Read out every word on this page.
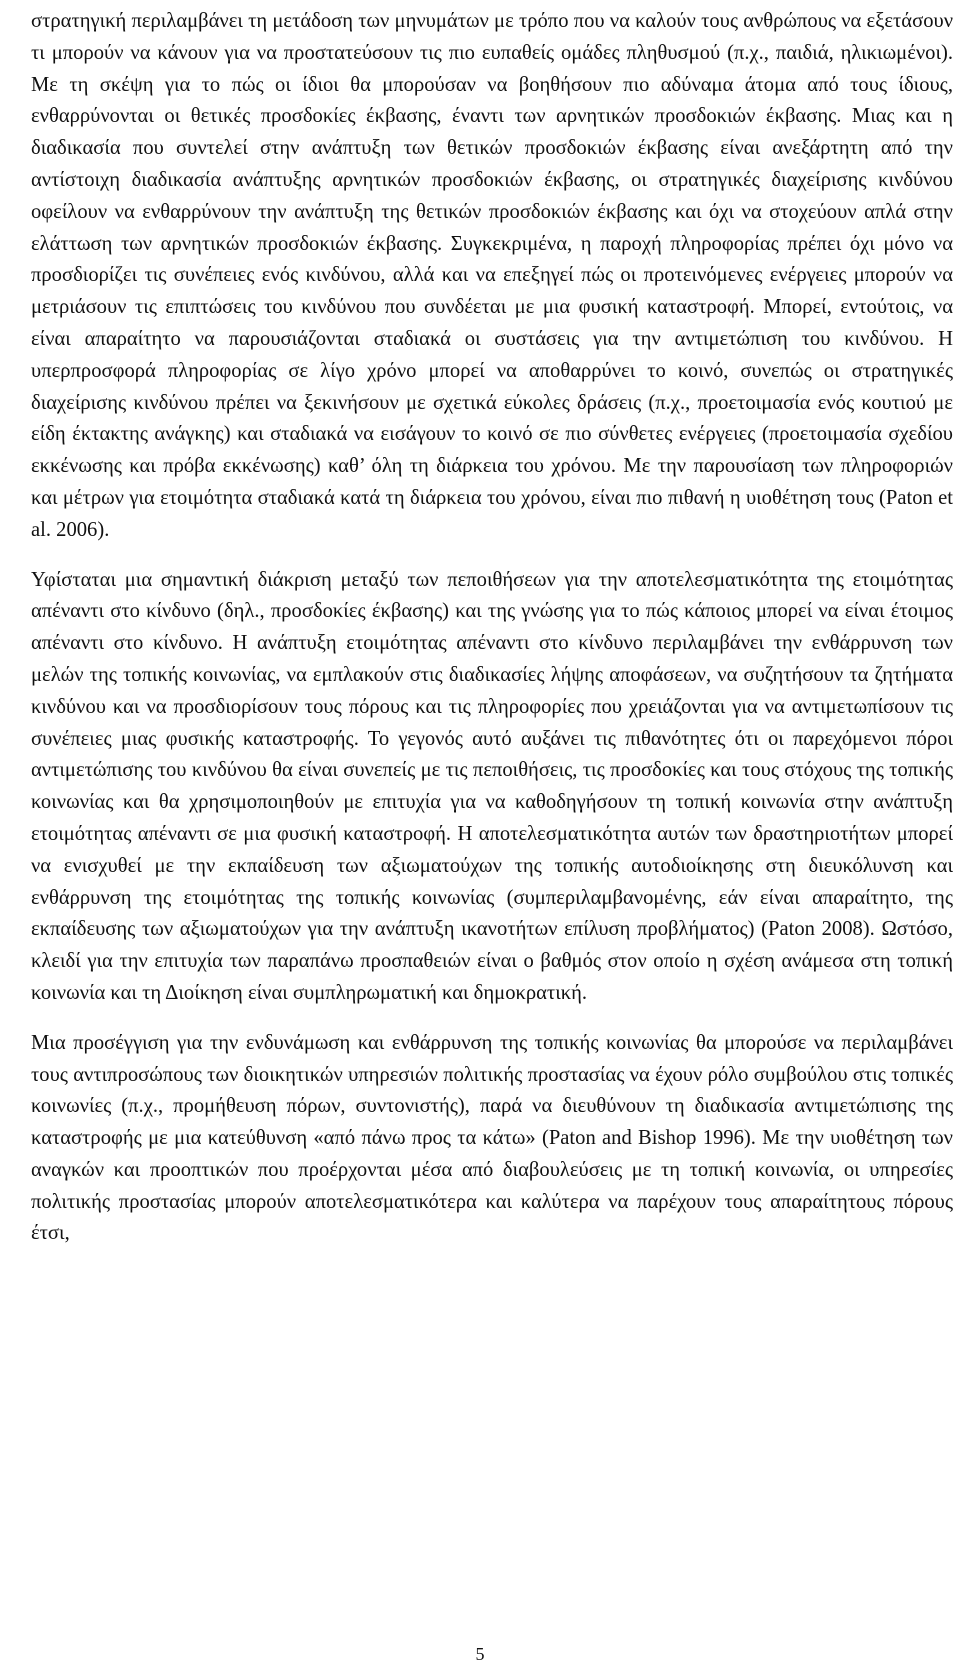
στρατηγική περιλαμβάνει τη μετάδοση των μηνυμάτων με τρόπο που να καλούν τους ανθρώπους να εξετάσουν τι μπορούν να κάνουν για να προστατεύσουν τις πιο ευπαθείς ομάδες πληθυσμού (π.χ., παιδιά, ηλικιωμένοι). Με τη σκέψη για το πώς οι ίδιοι θα μπορούσαν να βοηθήσουν πιο αδύναμα άτομα από τους ίδιους, ενθαρρύνονται οι θετικές προσδοκίες έκβασης, έναντι των αρνητικών προσδοκιών έκβασης. Μιας και η διαδικασία που συντελεί στην ανάπτυξη των θετικών προσδοκιών έκβασης είναι ανεξάρτητη από την αντίστοιχη διαδικασία ανάπτυξης αρνητικών προσδοκιών έκβασης, οι στρατηγικές διαχείρισης κινδύνου οφείλουν να ενθαρρύνουν την ανάπτυξη της θετικών προσδοκιών έκβασης και όχι να στοχεύουν απλά στην ελάττωση των αρνητικών προσδοκιών έκβασης. Συγκεκριμένα, η παροχή πληροφορίας πρέπει όχι μόνο να προσδιορίζει τις συνέπειες ενός κινδύνου, αλλά και να επεξηγεί πώς οι προτεινόμενες ενέργειες μπορούν να μετριάσουν τις επιπτώσεις του κινδύνου που συνδέεται με μια φυσική καταστροφή. Μπορεί, εντούτοις, να είναι απαραίτητο να παρουσιάζονται σταδιακά οι συστάσεις για την αντιμετώπιση του κινδύνου. Η υπερπροσφορά πληροφορίας σε λίγο χρόνο μπορεί να αποθαρρύνει το κοινό, συνεπώς οι στρατηγικές διαχείρισης κινδύνου πρέπει να ξεκινήσουν με σχετικά εύκολες δράσεις (π.χ., προετοιμασία ενός κουτιού με είδη έκτακτης ανάγκης) και σταδιακά να εισάγουν το κοινό σε πιο σύνθετες ενέργειες (προετοιμασία σχεδίου εκκένωσης και πρόβα εκκένωσης) καθ’ όλη τη διάρκεια του χρόνου. Με την παρουσίαση των πληροφοριών και μέτρων για ετοιμότητα σταδιακά κατά τη διάρκεια του χρόνου, είναι πιο πιθανή η υιοθέτηση τους (Paton et al. 2006).

Υφίσταται μια σημαντική διάκριση μεταξύ των πεποιθήσεων για την αποτελεσματικότητα της ετοιμότητας απέναντι στο κίνδυνο (δηλ., προσδοκίες έκβασης) και της γνώσης για το πώς κάποιος μπορεί να είναι έτοιμος απέναντι στο κίνδυνο. Η ανάπτυξη ετοιμότητας απέναντι στο κίνδυνο περιλαμβάνει την ενθάρρυνση των μελών της τοπικής κοινωνίας, να εμπλακούν στις διαδικασίες λήψης αποφάσεων, να συζητήσουν τα ζητήματα κινδύνου και να προσδιορίσουν τους πόρους και τις πληροφορίες που χρειάζονται για να αντιμετωπίσουν τις συνέπειες μιας φυσικής καταστροφής. Το γεγονός αυτό αυξάνει τις πιθανότητες ότι οι παρεχόμενοι πόροι αντιμετώπισης του κινδύνου θα είναι συνεπείς με τις πεποιθήσεις, τις προσδοκίες και τους στόχους της τοπικής κοινωνίας και θα χρησιμοποιηθούν με επιτυχία για να καθοδηγήσουν τη τοπική κοινωνία στην ανάπτυξη ετοιμότητας απέναντι σε μια φυσική καταστροφή. Η αποτελεσματικότητα αυτών των δραστηριοτήτων μπορεί να ενισχυθεί με την εκπαίδευση των αξιωματούχων της τοπικής αυτοδιοίκησης στη διευκόλυνση και ενθάρρυνση της ετοιμότητας της τοπικής κοινωνίας (συμπεριλαμβανομένης, εάν είναι απαραίτητο, της εκπαίδευσης των αξιωματούχων για την ανάπτυξη ικανοτήτων επίλυση προβλήματος) (Paton 2008). Ωστόσο, κλειδί για την επιτυχία των παραπάνω προσπαθειών είναι ο βαθμός στον οποίο η σχέση ανάμεσα στη τοπική κοινωνία και τη Διοίκηση είναι συμπληρωματική και δημοκρατική.

Μια προσέγγιση για την ενδυνάμωση και ενθάρρυνση της τοπικής κοινωνίας θα μπορούσε να περιλαμβάνει τους αντιπροσώπους των διοικητικών υπηρεσιών πολιτικής προστασίας να έχουν ρόλο συμβούλου στις τοπικές κοινωνίες (π.χ., προμήθευση πόρων, συντονιστής), παρά να διευθύνουν τη διαδικασία αντιμετώπισης της καταστροφής με μια κατεύθυνση «από πάνω προς τα κάτω» (Paton and Bishop 1996). Με την υιοθέτηση των αναγκών και προοπτικών που προέρχονται μέσα από διαβουλεύσεις με τη τοπική κοινωνία, οι υπηρεσίες πολιτικής προστασίας μπορούν αποτελεσματικότερα και καλύτερα να παρέχουν τους απαραίτητους πόρους έτσι,

5
